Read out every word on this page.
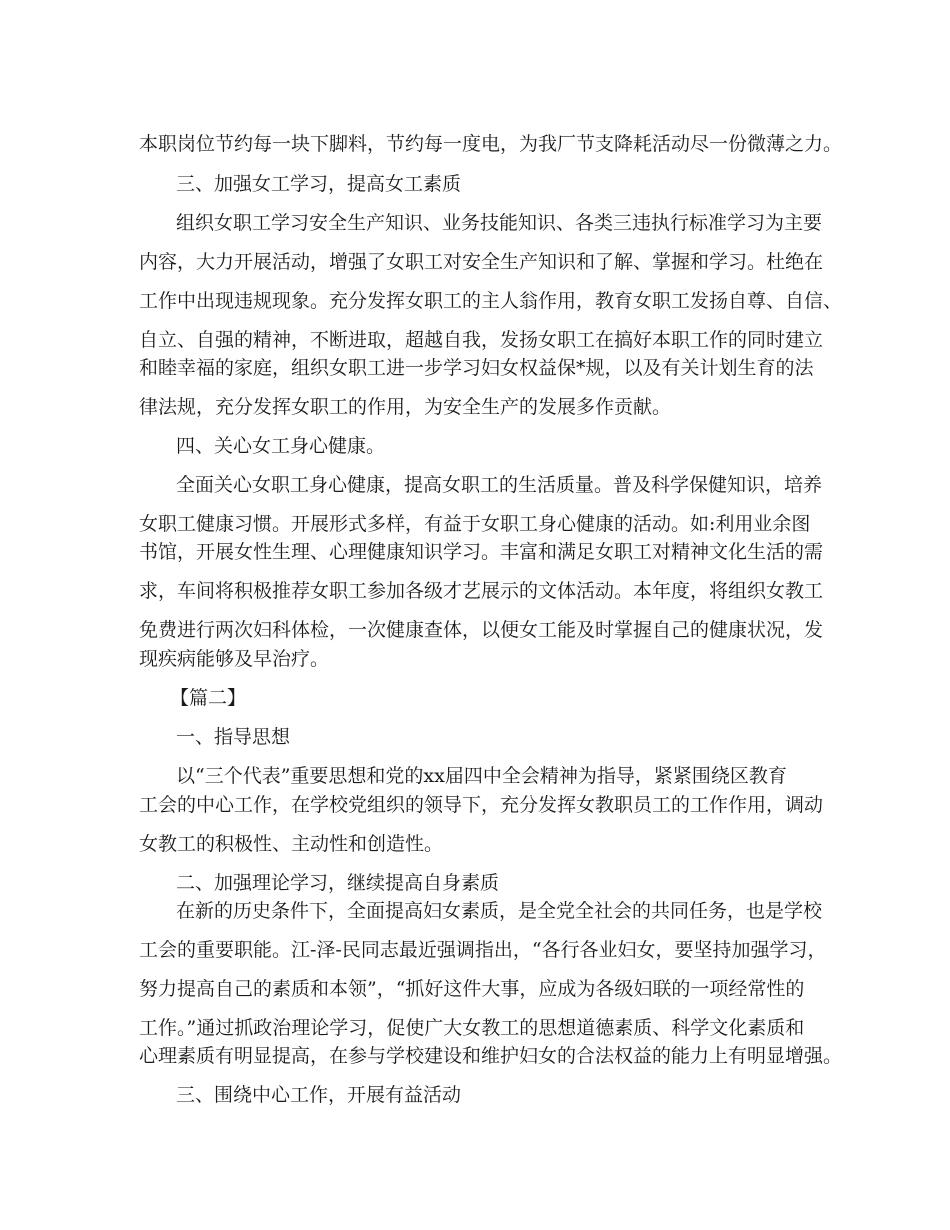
本职岗位节约每一块下脚料，节约每一度电，为我厂节支降耗活动尽一份微薄之力。
三、加强女工学习，提高女工素质
组织女职工学习安全生产知识、业务技能知识、各类三违执行标准学习为主要
内容，大力开展活动，增强了女职工对安全生产知识和了解、掌握和学习。杜绝在
工作中出现违规现象。充分发挥女职工的主人翁作用，教育女职工发扬自尊、自信、
自立、自强的精神，不断进取，超越自我，发扬女职工在搞好本职工作的同时建立
和睦幸福的家庭，组织女职工进一步学习妇女权益保*规，以及有关计划生育的法
律法规，充分发挥女职工的作用，为安全生产的发展多作贡献。
四、关心女工身心健康。
全面关心女职工身心健康，提高女职工的生活质量。普及科学保健知识，培养
女职工健康习惯。开展形式多样，有益于女职工身心健康的活动。如:利用业余图
书馆，开展女性生理、心理健康知识学习。丰富和满足女职工对精神文化生活的需
求，车间将积极推荐女职工参加各级才艺展示的文体活动。本年度，将组织女教工
免费进行两次妇科体检，一次健康查体，以便女工能及时掌握自己的健康状况，发
现疾病能够及早治疗。
【篇二】
一、指导思想
以“三个代表”重要思想和党的xx届四中全会精神为指导，紧紧围绕区教育
工会的中心工作，在学校党组织的领导下，充分发挥女教职员工的工作作用，调动
女教工的积极性、主动性和创造性。
二、加强理论学习，继续提高自身素质
在新的历史条件下，全面提高妇女素质，是全党全社会的共同任务，也是学校
工会的重要职能。江-泽-民同志最近强调指出，“各行各业妇女，要坚持加强学习，
努力提高自己的素质和本领”，“抓好这件大事，应成为各级妇联的一项经常性的
工作。”通过抓政治理论学习，促使广大女教工的思想道德素质、科学文化素质和
心理素质有明显提高，在参与学校建设和维护妇女的合法权益的能力上有明显增强。
三、围绕中心工作，开展有益活动
